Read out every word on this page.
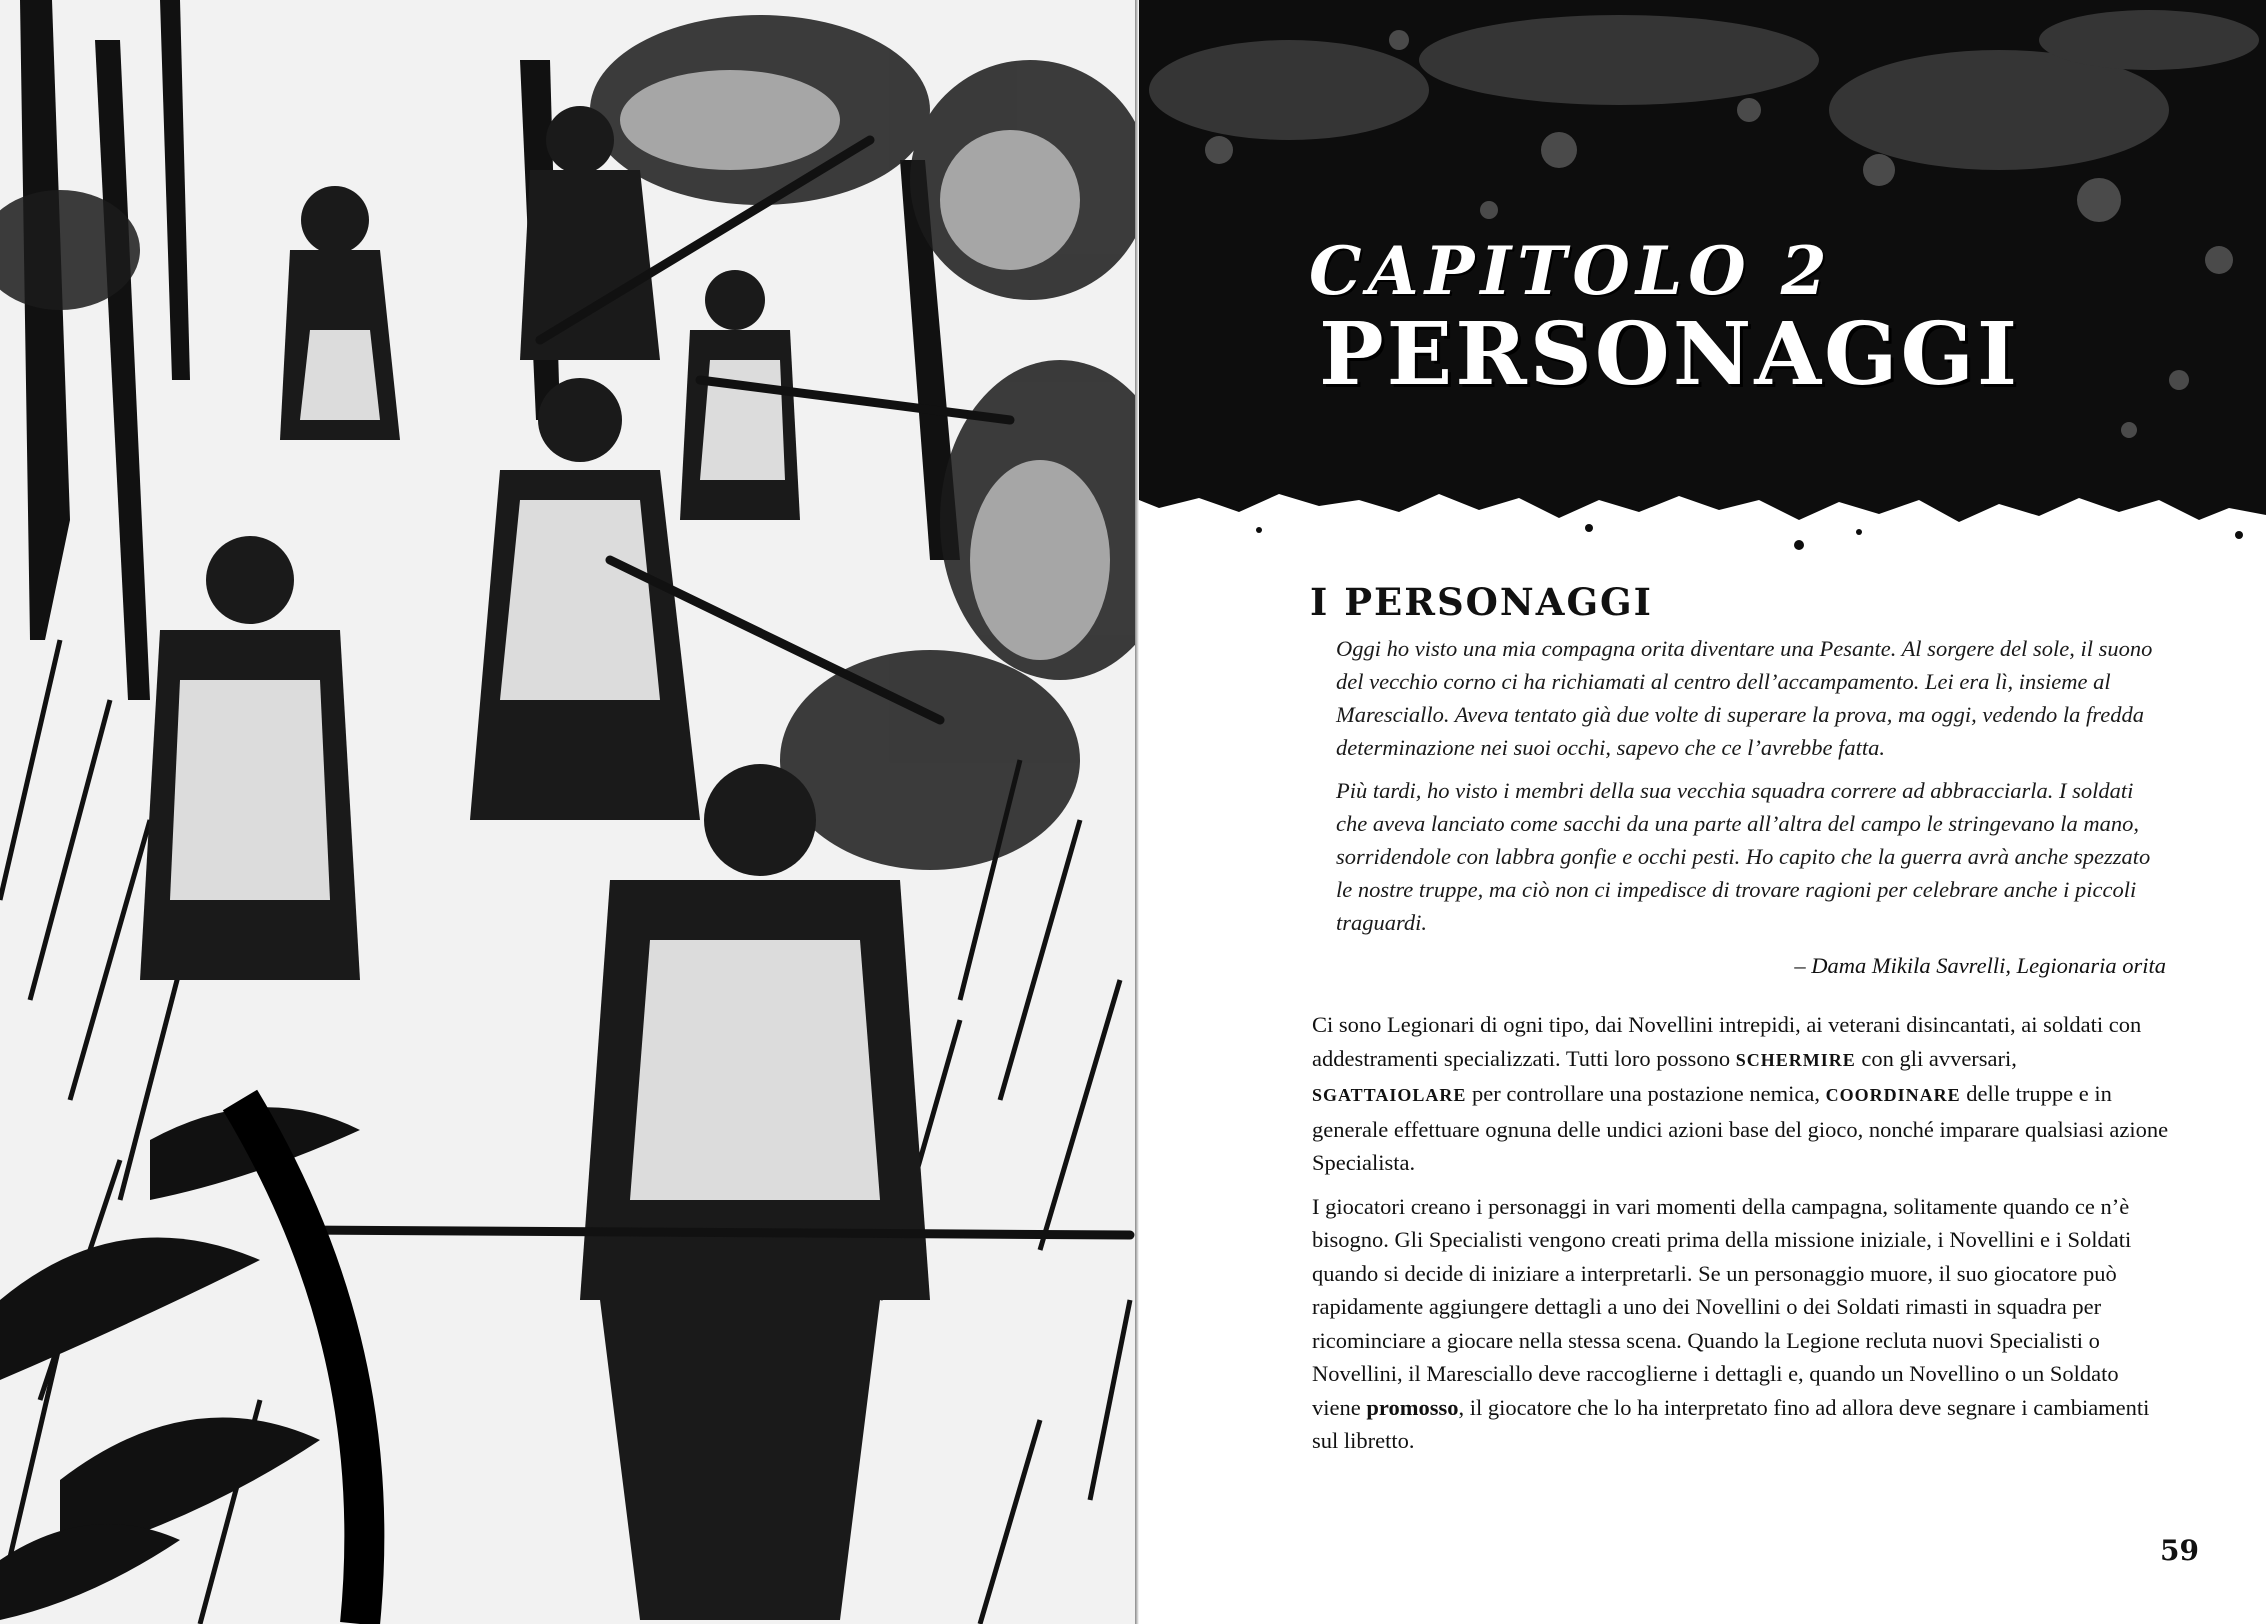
CAPITOLO 2
PERSONAGGI
I PERSONAGGI

Oggi ho visto una mia compagna orita diventare una Pesante. Al sorgere del sole, il suono del vecchio corno ci ha richiamati al centro dell’accampamento. Lei era lì, insieme al Maresciallo. Aveva tentato già due volte di superare la prova, ma oggi, vedendo la fredda determinazione nei suoi occhi, sapevo che ce l’avrebbe fatta.

Più tardi, ho visto i membri della sua vecchia squadra correre ad abbracciarla. I soldati che aveva lanciato come sacchi da una parte all’altra del campo le stringevano la mano, sorridendole con labbra gonfie e occhi pesti. Ho capito che la guerra avrà anche spezzato le nostre truppe, ma ciò non ci impedisce di trovare ragioni per celebrare anche i piccoli traguardi.

– Dama Mikila Savrelli, Legionaria orita

Ci sono Legionari di ogni tipo, dai Novellini intrepidi, ai veterani disincantati, ai soldati con addestramenti specializzati. Tutti loro possono SCHERMIRE con gli avversari, SGATTAIOLARE per controllare una postazione nemica, COORDINARE delle truppe e in generale effettuare ognuna delle undici azioni base del gioco, nonché imparare qualsiasi azione Specialista.

I giocatori creano i personaggi in vari momenti della campagna, solitamente quando ce n’è bisogno. Gli Specialisti vengono creati prima della missione iniziale, i Novellini e i Soldati quando si decide di iniziare a interpretarli. Se un personaggio muore, il suo giocatore può rapidamente aggiungere dettagli a uno dei Novellini o dei Soldati rimasti in squadra per ricominciare a giocare nella stessa scena. Quando la Legione recluta nuovi Specialisti o Novellini, il Maresciallo deve raccoglierne i dettagli e, quando un Novellino o un Soldato viene promosso, il giocatore che lo ha interpretato fino ad allora deve segnare i cambiamenti sul libretto.

59
